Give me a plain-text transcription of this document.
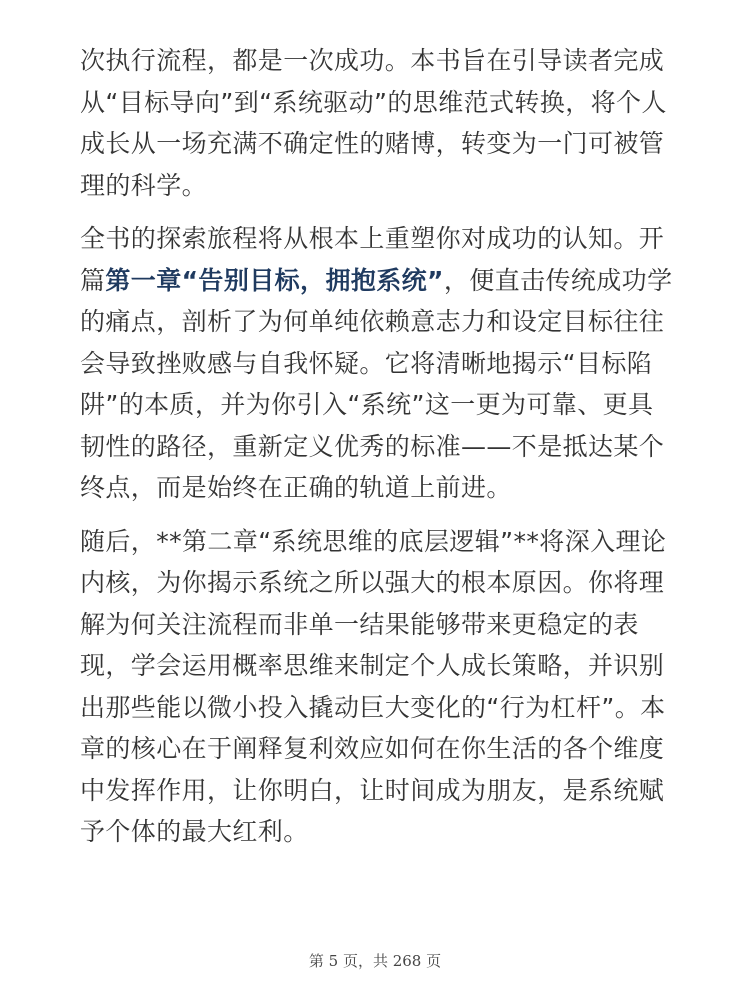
次执行流程，都是一次成功。本书旨在引导读者完成从“目标导向”到“系统驱动”的思维范式转换，将个人成长从一场充满不确定性的赌博，转变为一门可被管理的科学。

全书的探索旅程将从根本上重塑你对成功的认知。开篇第一章“告别目标，拥抱系统”，便直击传统成功学的痛点，剖析了为何单纯依赖意志力和设定目标往往会导致挫败感与自我怀疑。它将清晰地揭示“目标陷阱”的本质，并为你引入“系统”这一更为可靠、更具韧性的路径，重新定义优秀的标准——不是抵达某个终点，而是始终在正确的轨道上前进。

随后，**第二章“系统思维的底层逻辑”**将深入理论内核，为你揭示系统之所以强大的根本原因。你将理解为何关注流程而非单一结果能够带来更稳定的表现，学会运用概率思维来制定个人成长策略，并识别出那些能以微小投入撬动巨大变化的“行为杠杆”。本章的核心在于阐释复利效应如何在你生活的各个维度中发挥作用，让你明白，让时间成为朋友，是系统赋予个体的最大红利。

第 5 页，共 268 页
